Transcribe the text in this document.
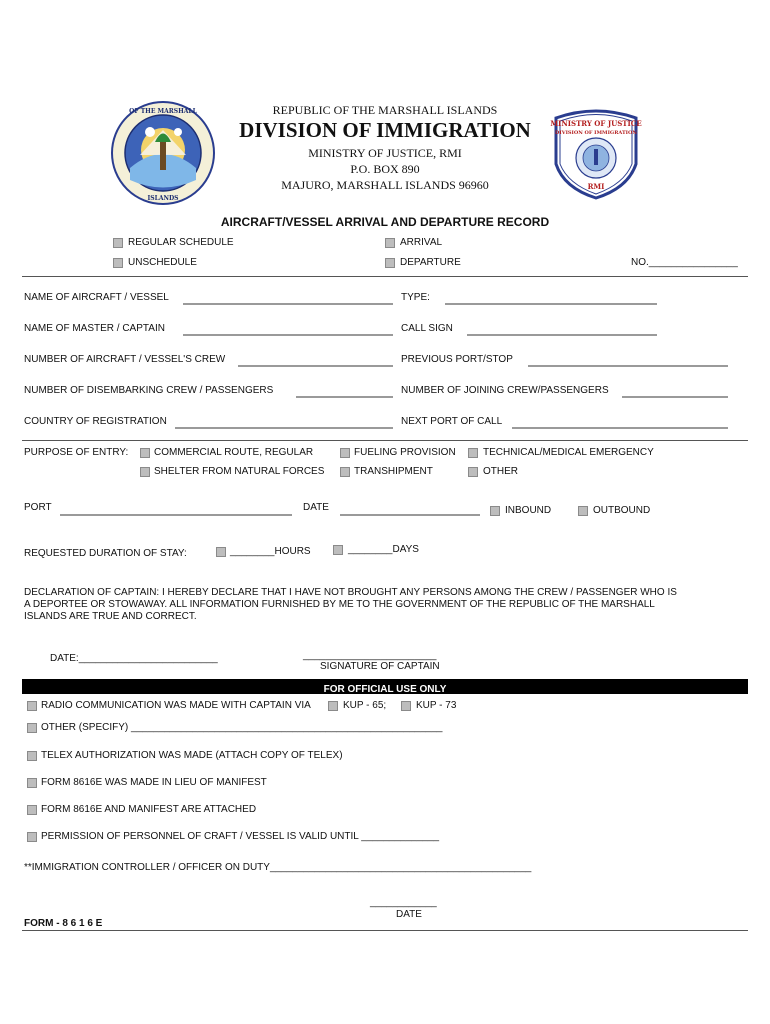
OF THE MARSHALL
ISLANDS
MINISTRY OF JUSTICE
DIVISION OF IMMIGRATION
RMI
REPUBLIC OF THE MARSHALL ISLANDS
DIVISION OF IMMIGRATION
MINISTRY OF JUSTICE, RMI
P.O. BOX 890
MAJURO, MARSHALL ISLANDS 96960
AIRCRAFT/VESSEL ARRIVAL AND DEPARTURE RECORD
REGULAR SCHEDULE	ARRIVAL
UNSCHEDULE	DEPARTURE	NO.________________
NAME OF AIRCRAFT / VESSEL	TYPE:
NAME OF MASTER / CAPTAIN	CALL SIGN
NUMBER OF AIRCRAFT / VESSEL'S CREW	PREVIOUS PORT/STOP
NUMBER OF DISEMBARKING CREW / PASSENGERS	NUMBER OF JOINING CREW/PASSENGERS
COUNTRY OF REGISTRATION	NEXT PORT OF CALL
PURPOSE OF ENTRY:	COMMERCIAL ROUTE, REGULAR	FUELING PROVISION	TECHNICAL/MEDICAL EMERGENCY
SHELTER FROM NATURAL FORCES	TRANSHIPMENT	OTHER
PORT	DATE	INBOUND	OUTBOUND
REQUESTED DURATION OF STAY:	________HOURS	________DAYS
DECLARATION OF CAPTAIN: I HEREBY DECLARE THAT I HAVE NOT BROUGHT ANY PERSONS AMONG THE CREW / PASSENGER WHO IS
A DEPORTEE OR STOWAWAY. ALL INFORMATION FURNISHED BY ME TO THE GOVERNMENT OF THE REPUBLIC OF THE MARSHALL
ISLANDS ARE TRUE AND CORRECT.
DATE:_________________________	________________________
SIGNATURE OF CAPTAIN
FOR OFFICIAL USE ONLY
RADIO COMMUNICATION WAS MADE WITH CAPTAIN VIA	KUP - 65;	KUP - 73
OTHER (SPECIFY) ________________________________________________________
TELEX AUTHORIZATION WAS MADE (ATTACH COPY OF TELEX)
FORM 8616E WAS MADE IN LIEU OF MANIFEST
FORM 8616E AND MANIFEST ARE ATTACHED
PERMISSION OF PERSONNEL OF CRAFT / VESSEL IS VALID UNTIL ______________
**IMMIGRATION CONTROLLER / OFFICER ON DUTY_______________________________________________
____________
DATE
FORM - 8 6 1 6 E
